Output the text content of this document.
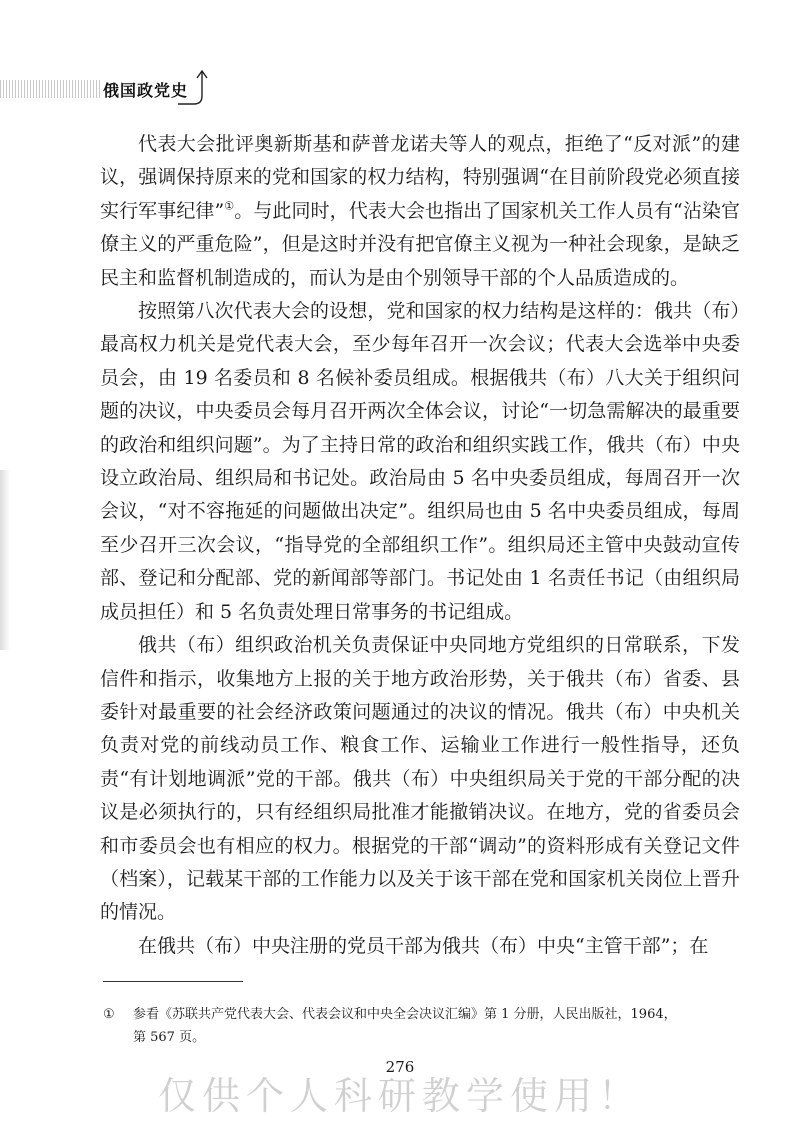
俄国政党史

代表大会批评奥新斯基和萨普龙诺夫等人的观点，拒绝了“反对派”的建议，强调保持原来的党和国家的权力结构，特别强调“在目前阶段党必须直接实行军事纪律”①。与此同时，代表大会也指出了国家机关工作人员有“沾染官僚主义的严重危险”，但是这时并没有把官僚主义视为一种社会现象，是缺乏民主和监督机制造成的，而认为是由个别领导干部的个人品质造成的。

按照第八次代表大会的设想，党和国家的权力结构是这样的：俄共（布）最高权力机关是党代表大会，至少每年召开一次会议；代表大会选举中央委员会，由 19 名委员和 8 名候补委员组成。根据俄共（布）八大关于组织问题的决议，中央委员会每月召开两次全体会议，讨论“一切急需解决的最重要的政治和组织问题”。为了主持日常的政治和组织实践工作，俄共（布）中央设立政治局、组织局和书记处。政治局由 5 名中央委员组成，每周召开一次会议，“对不容拖延的问题做出决定”。组织局也由 5 名中央委员组成，每周至少召开三次会议，“指导党的全部组织工作”。组织局还主管中央鼓动宣传部、登记和分配部、党的新闻部等部门。书记处由 1 名责任书记（由组织局成员担任）和 5 名负责处理日常事务的书记组成。

俄共（布）组织政治机关负责保证中央同地方党组织的日常联系，下发信件和指示，收集地方上报的关于地方政治形势，关于俄共（布）省委、县委针对最重要的社会经济政策问题通过的决议的情况。俄共（布）中央机关负责对党的前线动员工作、粮食工作、运输业工作进行一般性指导，还负责“有计划地调派”党的干部。俄共（布）中央组织局关于党的干部分配的决议是必须执行的，只有经组织局批准才能撤销决议。在地方，党的省委员会和市委员会也有相应的权力。根据党的干部“调动”的资料形成有关登记文件（档案），记载某干部的工作能力以及关于该干部在党和国家机关岗位上晋升的情况。

在俄共（布）中央注册的党员干部为俄共（布）中央“主管干部”；在

① 参看《苏联共产党代表大会、代表会议和中央全会决议汇编》第 1 分册，人民出版社，1964，
第 567 页。
276
仅供个人科研教学使用！
